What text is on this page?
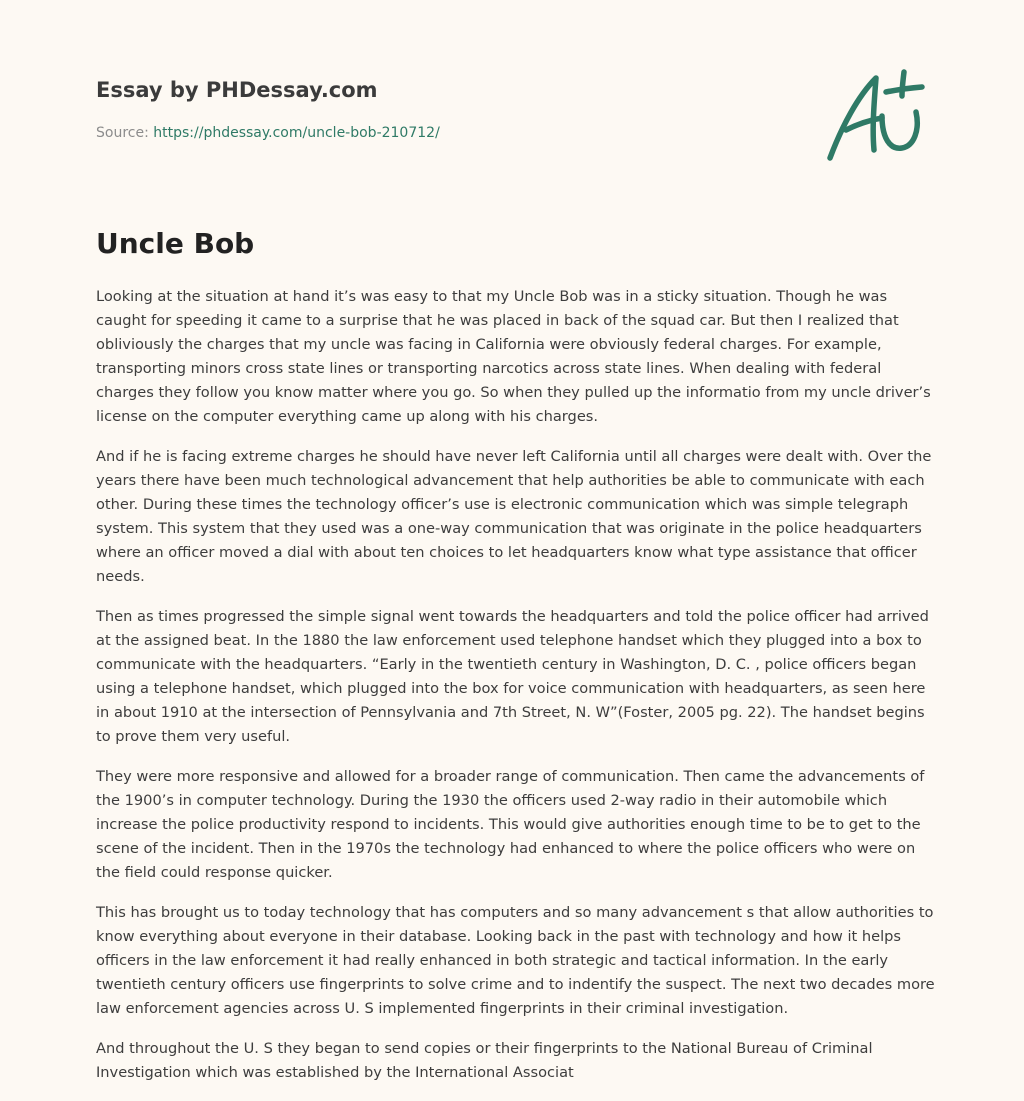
Essay by PHDessay.com
Source: https://phdessay.com/uncle-bob-210712/
Uncle Bob

Looking at the situation at hand it’s was easy to that my Uncle Bob was in a sticky situation. Though he was caught for speeding it came to a surprise that he was placed in back of the squad car. But then I realized that obliviously the charges that my uncle was facing in California were obviously federal charges. For example, transporting minors cross state lines or transporting narcotics across state lines. When dealing with federal charges they follow you know matter where you go. So when they pulled up the informatio from my uncle driver’s license on the computer everything came up along with his charges.

And if he is facing extreme charges he should have never left California until all charges were dealt with. Over the years there have been much technological advancement that help authorities be able to communicate with each other. During these times the technology officer’s use is electronic communication which was simple telegraph system. This system that they used was a one-way communication that was originate in the police headquarters where an officer moved a dial with about ten choices to let headquarters know what type assistance that officer needs.

Then as times progressed the simple signal went towards the headquarters and told the police officer had arrived at the assigned beat. In the 1880 the law enforcement used telephone handset which they plugged into a box to communicate with the headquarters. “Early in the twentieth century in Washington, D. C. , police officers began using a telephone handset, which plugged into the box for voice communication with headquarters, as seen here in about 1910 at the intersection of Pennsylvania and 7th Street, N. W”(Foster, 2005 pg. 22). The handset begins to prove them very useful.

They were more responsive and allowed for a broader range of communication. Then came the advancements of the 1900’s in computer technology. During the 1930 the officers used 2-way radio in their automobile which increase the police productivity respond to incidents. This would give authorities enough time to be to get to the scene of the incident. Then in the 1970s the technology had enhanced to where the police officers who were on the field could response quicker.

This has brought us to today technology that has computers and so many advancement s that allow authorities to know everything about everyone in their database. Looking back in the past with technology and how it helps officers in the law enforcement it had really enhanced in both strategic and tactical information. In the early twentieth century officers use fingerprints to solve crime and to indentify the suspect. The next two decades more law enforcement agencies across U. S implemented fingerprints in their criminal investigation.

And throughout the U. S they began to send copies or their fingerprints to the National Bureau of Criminal Investigation which was established by the International Associat
